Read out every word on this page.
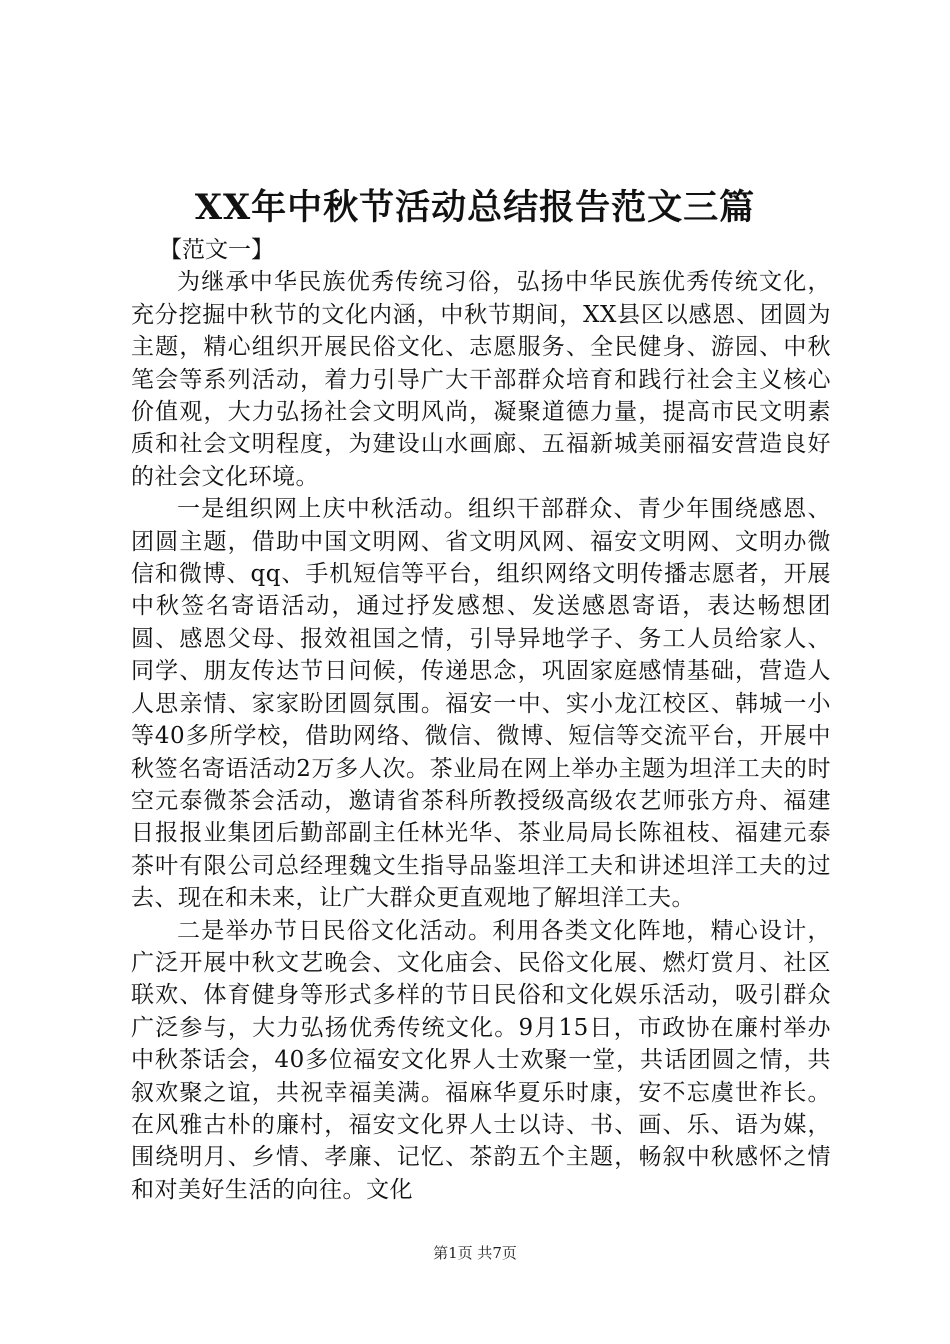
XX年中秋节活动总结报告范文三篇

【范文一】

为继承中华民族优秀传统习俗，弘扬中华民族优秀传统文化，充分挖掘中秋节的文化内涵，中秋节期间，XX县区以感恩、团圆为主题，精心组织开展民俗文化、志愿服务、全民健身、游园、中秋笔会等系列活动，着力引导广大干部群众培育和践行社会主义核心价值观，大力弘扬社会文明风尚，凝聚道德力量，提高市民文明素质和社会文明程度，为建设山水画廊、五福新城美丽福安营造良好的社会文化环境。

一是组织网上庆中秋活动。组织干部群众、青少年围绕感恩、团圆主题，借助中国文明网、省文明风网、福安文明网、文明办微信和微博、qq、手机短信等平台，组织网络文明传播志愿者，开展中秋签名寄语活动，通过抒发感想、发送感恩寄语，表达畅想团圆、感恩父母、报效祖国之情，引导异地学子、务工人员给家人、同学、朋友传达节日问候，传递思念，巩固家庭感情基础，营造人人思亲情、家家盼团圆氛围。福安一中、实小龙江校区、韩城一小等40多所学校，借助网络、微信、微博、短信等交流平台，开展中秋签名寄语活动2万多人次。茶业局在网上举办主题为坦洋工夫的时空元泰微茶会活动，邀请省茶科所教授级高级农艺师张方舟、福建日报报业集团后勤部副主任林光华、茶业局局长陈祖枝、福建元泰茶叶有限公司总经理魏文生指导品鉴坦洋工夫和讲述坦洋工夫的过去、现在和未来，让广大群众更直观地了解坦洋工夫。

二是举办节日民俗文化活动。利用各类文化阵地，精心设计，广泛开展中秋文艺晚会、文化庙会、民俗文化展、燃灯赏月、社区联欢、体育健身等形式多样的节日民俗和文化娱乐活动，吸引群众广泛参与，大力弘扬优秀传统文化。9月15日，市政协在廉村举办中秋茶话会，40多位福安文化界人士欢聚一堂，共话团圆之情，共叙欢聚之谊，共祝幸福美满。福麻华夏乐时康，安不忘虞世祚长。在风雅古朴的廉村，福安文化界人士以诗、书、画、乐、语为媒，围绕明月、乡情、孝廉、记忆、茶韵五个主题，畅叙中秋感怀之情和对美好生活的向往。文化

第1页 共7页
